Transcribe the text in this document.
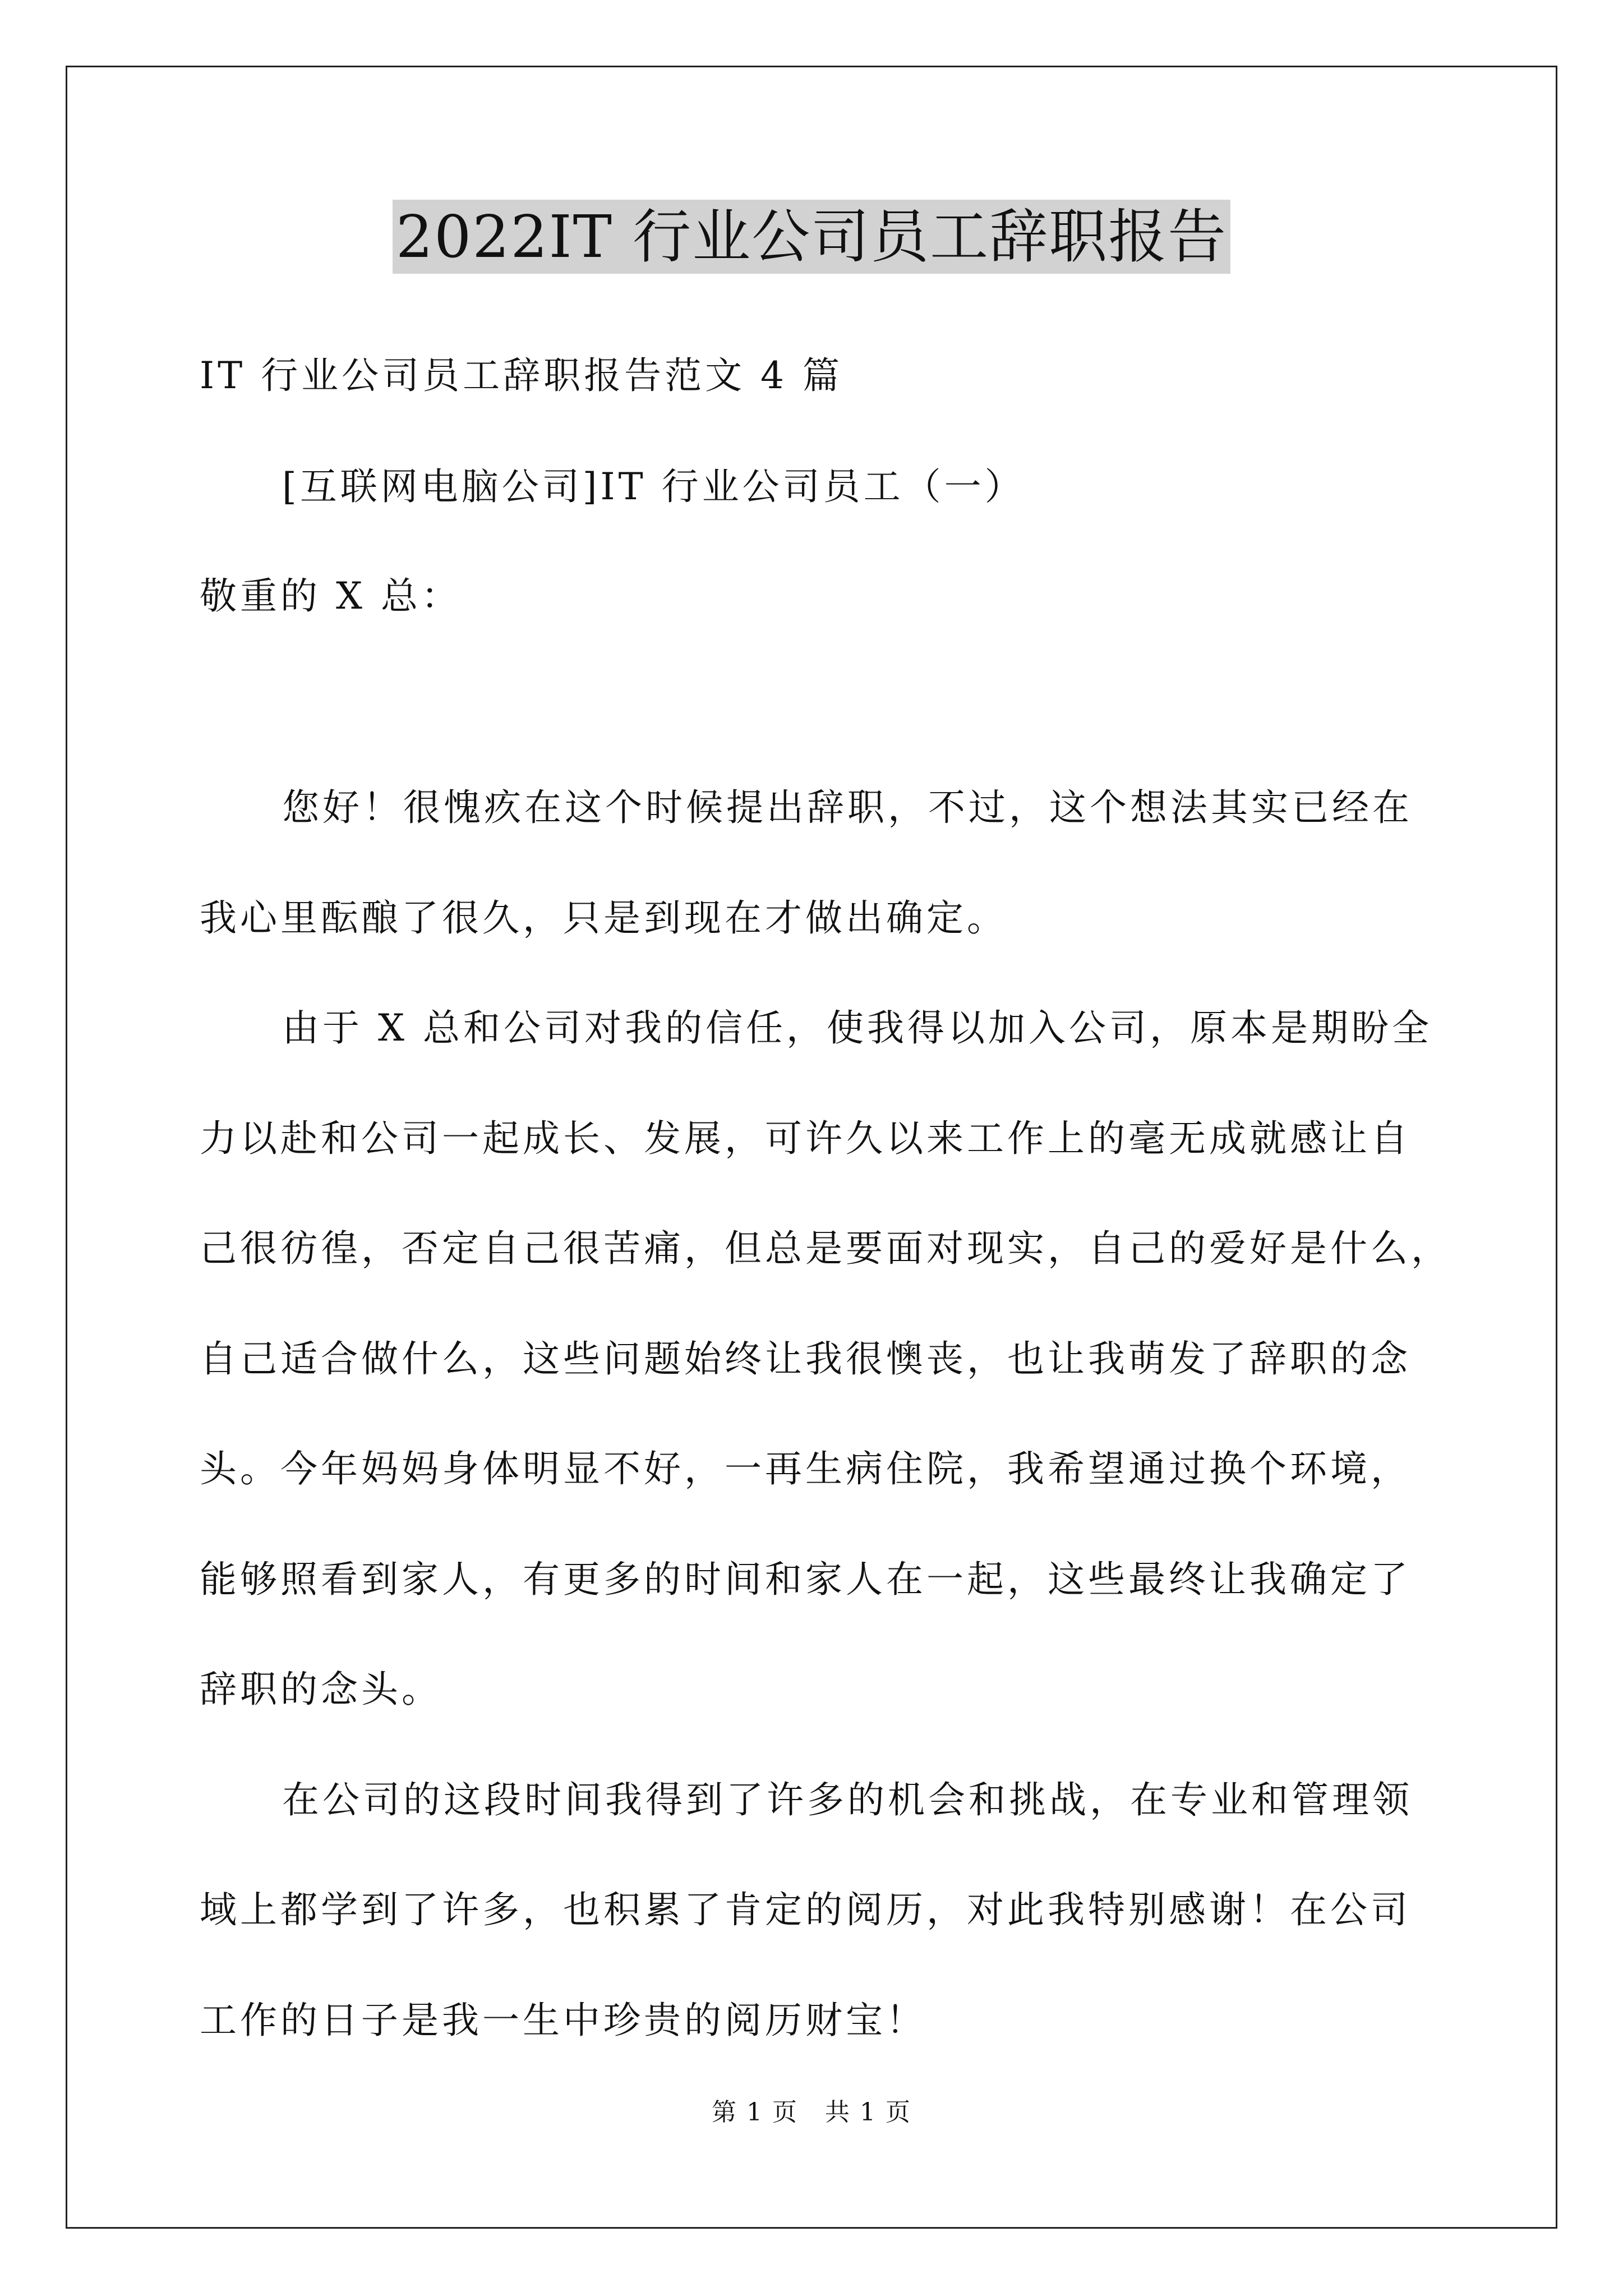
2022IT 行业公司员工辞职报告
IT 行业公司员工辞职报告范文 4 篇
[互联网电脑公司]IT 行业公司员工（一）
敬重的 X 总：
您好！很愧疚在这个时候提出辞职，不过，这个想法其实已经在
我心里酝酿了很久，只是到现在才做出确定。
由于 X 总和公司对我的信任，使我得以加入公司，原本是期盼全
力以赴和公司一起成长、发展，可许久以来工作上的毫无成就感让自
己很彷徨，否定自己很苦痛，但总是要面对现实，自己的爱好是什么，
自己适合做什么，这些问题始终让我很懊丧，也让我萌发了辞职的念
头。今年妈妈身体明显不好，一再生病住院，我希望通过换个环境，
能够照看到家人，有更多的时间和家人在一起，这些最终让我确定了
辞职的念头。
在公司的这段时间我得到了许多的机会和挑战，在专业和管理领
域上都学到了许多，也积累了肯定的阅历，对此我特别感谢！在公司
工作的日子是我一生中珍贵的阅历财宝！
第 1 页   共 1 页
